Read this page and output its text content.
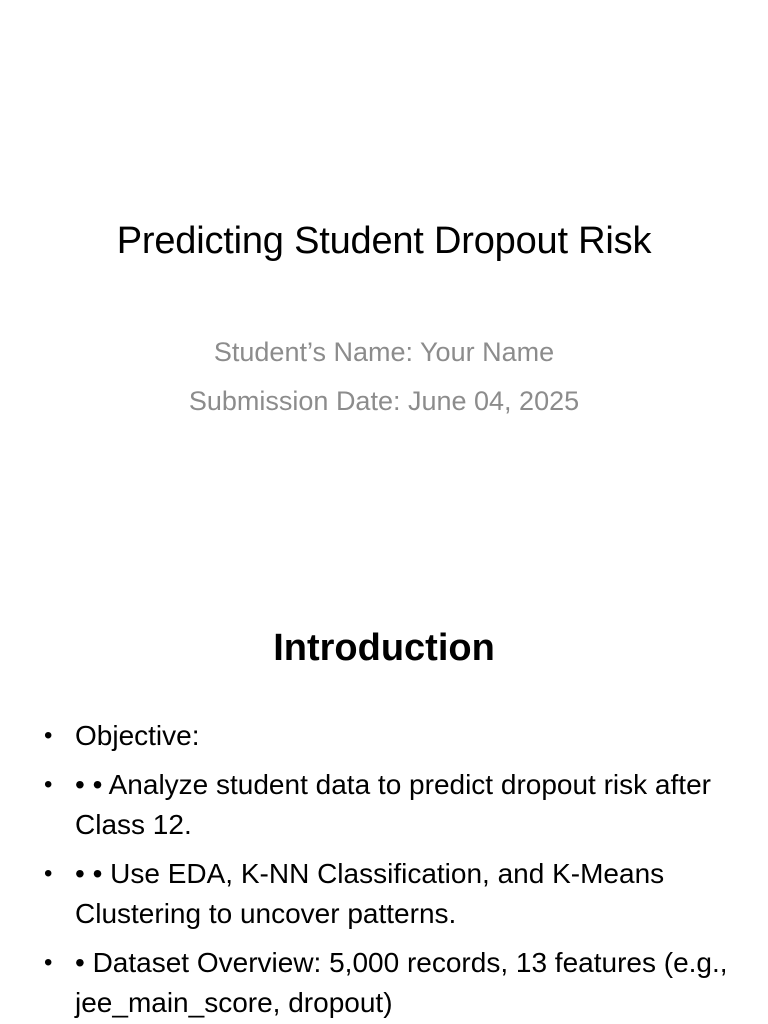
Predicting Student Dropout Risk
Student’s Name: Your Name
Submission Date: June 04, 2025
Introduction
• Objective:
• • • Analyze student data to predict dropout risk after Class 12.
• • • Use EDA, K-NN Classification, and K-Means Clustering to uncover patterns.
• • Dataset Overview: 5,000 records, 13 features (e.g., jee_main_score, dropout)
